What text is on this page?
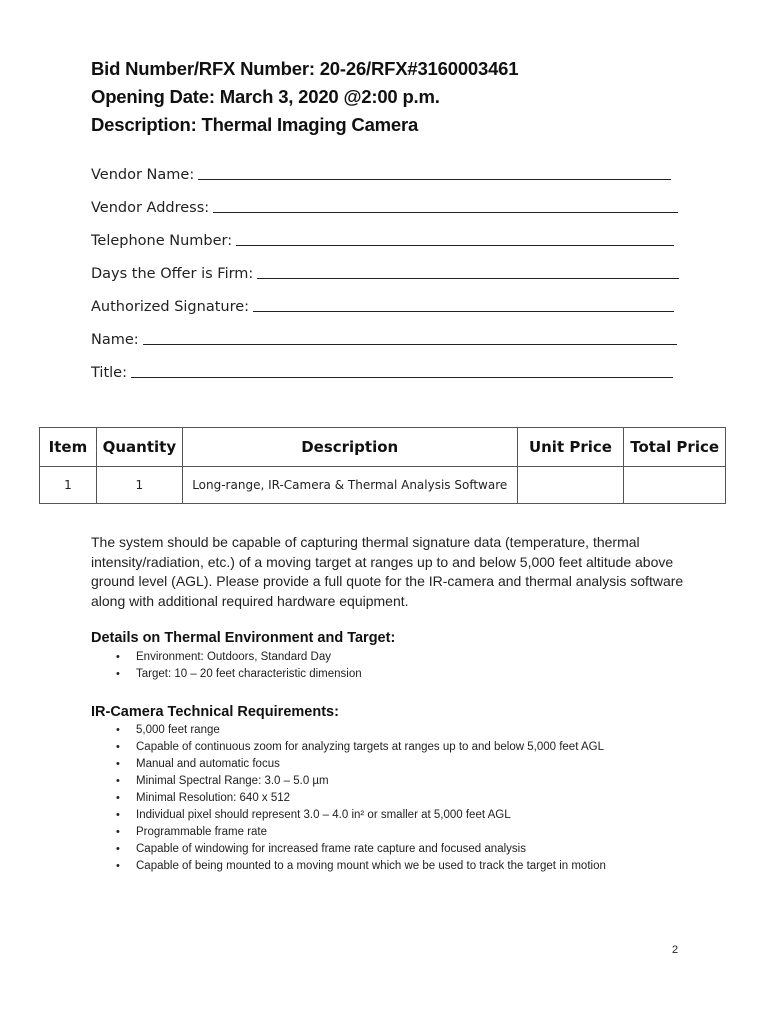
Bid Number/RFX Number: 20-26/RFX#3160003461
Opening Date: March 3, 2020 @2:00 p.m.
Description: Thermal Imaging Camera
Vendor Name:
Vendor Address:
Telephone Number:
Days the Offer is Firm:
Authorized Signature:
Name:
Title:
Item	Quantity	Description	Unit Price	Total Price
1	1	Long-range, IR-Camera & Thermal Analysis Software		
The system should be capable of capturing thermal signature data (temperature, thermal intensity/radiation, etc.) of a moving target at ranges up to and below 5,000 feet altitude above ground level (AGL). Please provide a full quote for the IR-camera and thermal analysis software along with additional required hardware equipment.
Details on Thermal Environment and Target:
• Environment: Outdoors, Standard Day
• Target: 10 – 20 feet characteristic dimension
IR-Camera Technical Requirements:
• 5,000 feet range
• Capable of continuous zoom for analyzing targets at ranges up to and below 5,000 feet AGL
• Manual and automatic focus
• Minimal Spectral Range: 3.0 – 5.0 µm
• Minimal Resolution: 640 x 512
• Individual pixel should represent 3.0 – 4.0 in² or smaller at 5,000 feet AGL
• Programmable frame rate
• Capable of windowing for increased frame rate capture and focused analysis
• Capable of being mounted to a moving mount which we be used to track the target in motion
2
